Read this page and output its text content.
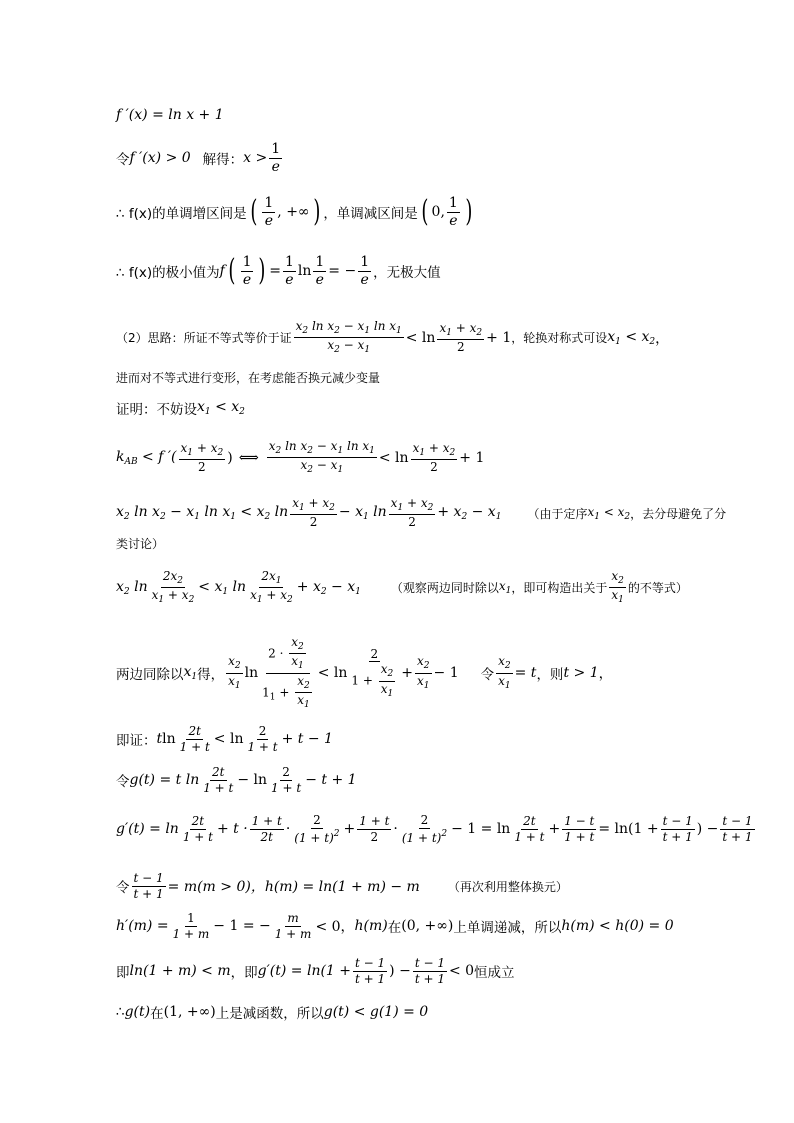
f ′(x) = ln x + 1
令 f ′(x) > 0 解得： $x > \frac{1}{e}$
∴ f(x)的单调增区间是 ( $\frac{1}{e}$ , +∞ ) ，单调减区间是 ( 0, $\frac{1}{e}$ )
∴ f(x)的极小值为 f ( $\frac{1}{e}$ ) = $\frac{1}{e}$ $\ln \frac{1}{e}$ = − $\frac{1}{e}$ ，无极大值
（2）思路：所证不等式等价于证 $\frac{x_2 \ln x_2 - x_1 \ln x_1}{x_2 - x_1} < \ln \frac{x_1 + x_2}{2} + 1$ ，轮换对称式可设 $x_1 < x_2$ ，
进而对不等式进行变形，在考虑能否换元减少变量
证明：不妨设 $x_1 < x_2$
$k_{AB} < f$ ′( $\frac{x_1 + x_2}{2}$ ) ⟺ $\frac{x_2 \ln x_2 - x_1 \ln x_1}{x_2 - x_1} < \ln \frac{x_1 + x_2}{2} + 1$
$x_2$ $\ln x_2 - x_1$ $\ln x_1 < x_2$ $\ln \frac{x_1 + x_2}{2} - x_1$ $\ln \frac{x_1 + x_2}{2} + x_2 - x_1$ （由于定序 $x_1 < x_2$ ，去分母避免了分
类讨论）
$x_2$ $\ln \frac{2x_2}{x_1 + x_2} < x_1$ $\ln \frac{2x_1}{x_1 + x_2} + x_2 - x_1$	（观察两边同时除以 $x_1$ ，即可构造出关于 $\frac{x_2}{x_1}$ 的不等式）
两边同除以 $x_1$ 得， $\frac{x_2}{x_1}$ $\ln \frac{2 \cdot \frac{x_2}{x_1}}{1_1 + \frac{x_2}{x_1}} < \ln \frac{2}{1 + \frac{x_2}{x_1}} + \frac{x_2}{x_1} - 1$ 令 $\frac{x_2}{x_1} = t$ ，则 t > 1 ，
即证： t $\ln \frac{2t}{1 + t} < \ln \frac{2}{1 + t} + t - 1$
令 g(t) = t $\ln \frac{2t}{1 + t} - \ln \frac{2}{1 + t} - t + 1$
$g'(t) = \ln \frac{2t}{1 + t} + t \cdot \frac{1 + t}{2t} \cdot \frac{2}{(1 + t)^2} + \frac{1 + t}{2} \cdot \frac{2}{(1 + t)^2} - 1 = \ln \frac{2t}{1 + t} + \frac{1 - t}{1 + t} = \ln(1 + \frac{t - 1}{t + 1}$ ) − $\frac{t - 1}{t + 1}$
令 $\frac{t - 1}{t + 1} = m(m > 0)$，h(m) = ln(1 + m) − m （再次利用整体换元）
$h'(m) = \frac{1}{1 + m} - 1$ = − $\frac{m}{1 + m} < 0$， h(m) 在 (0, +∞) 上单调递减，所以 h(m) < h(0) = 0
即 ln(1 + m) < m ，即 $g'(t) = \ln(1 + \frac{t - 1}{t + 1}$ ) − $\frac{t - 1}{t + 1} < 0$ 恒成立
∴ g(t) 在 (1, +∞) 上是减函数，所以 g(t) < g(1) = 0
